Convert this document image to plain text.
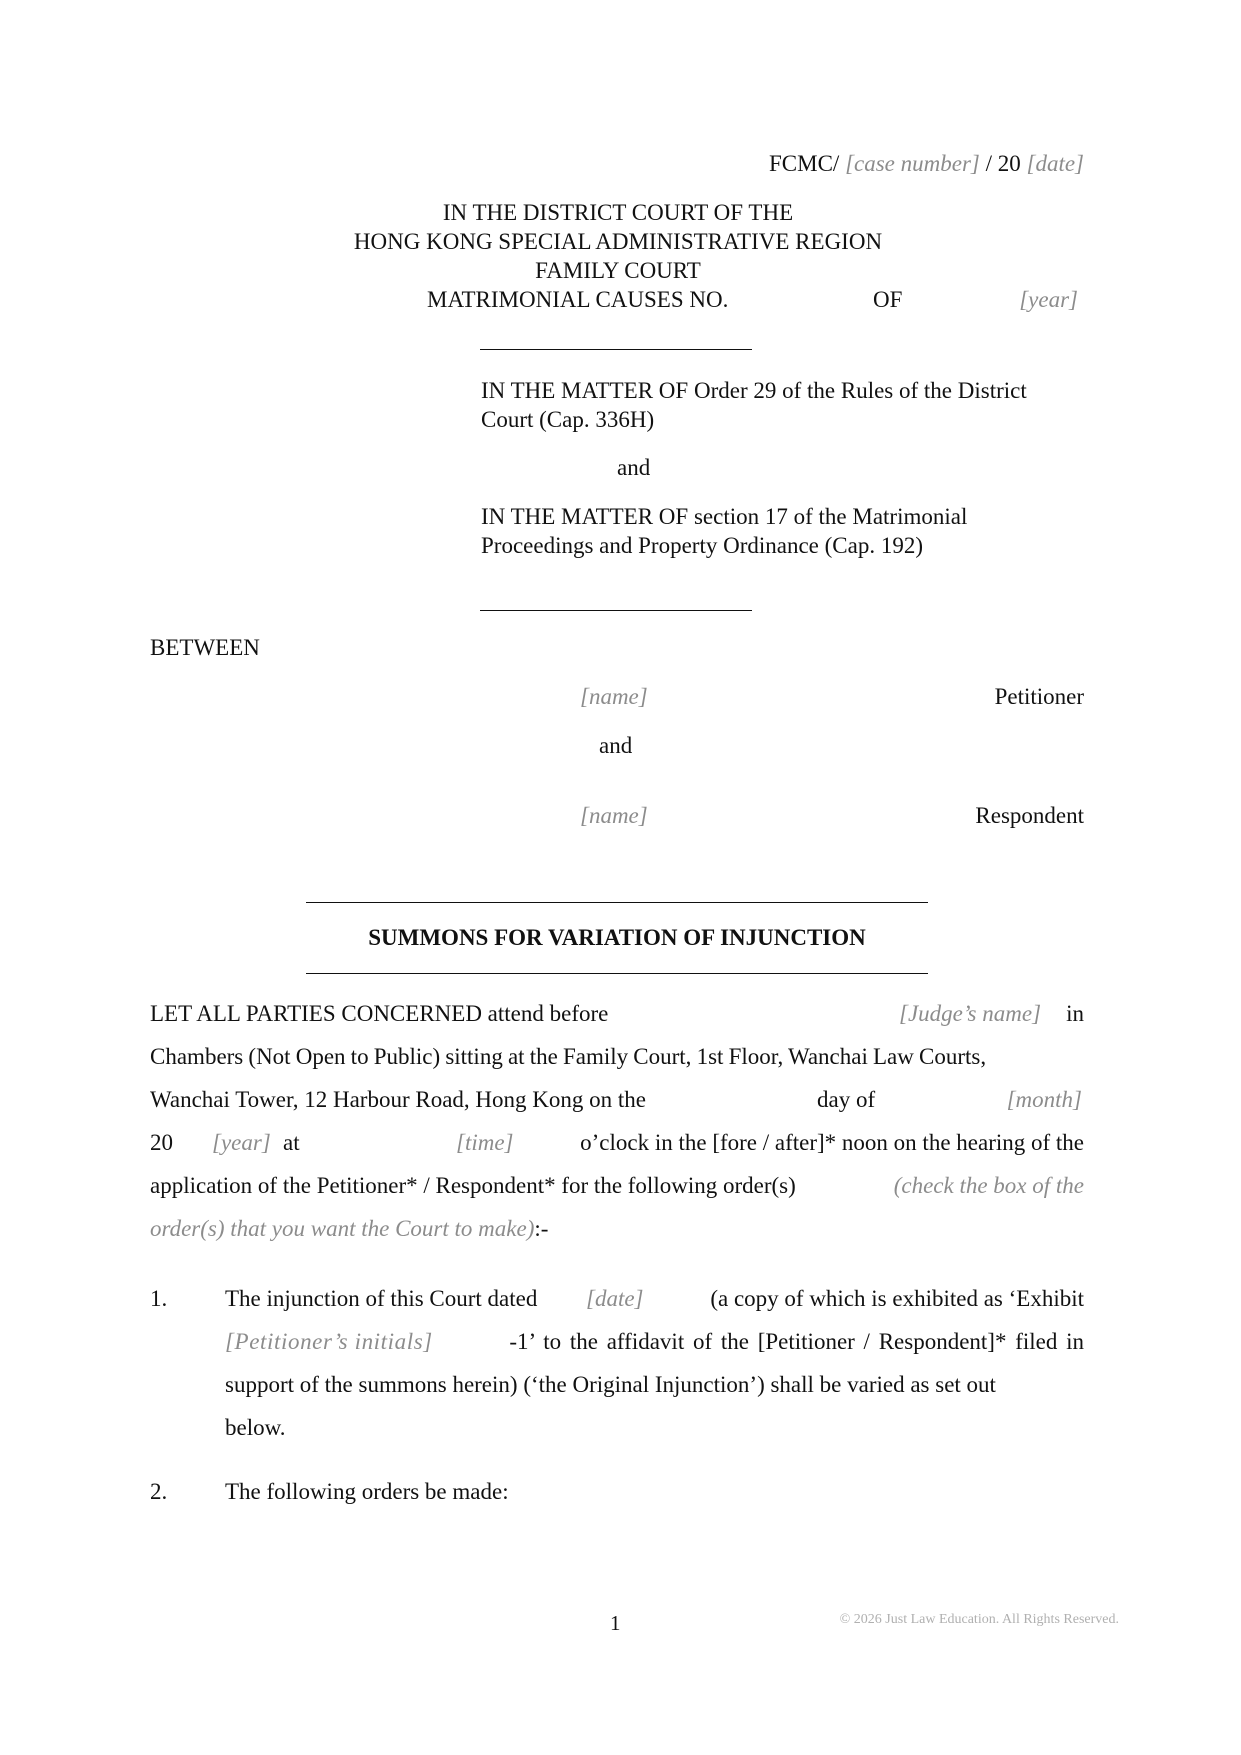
FCMC/ [case number] / 20 [date]
IN THE DISTRICT COURT OF THE
HONG KONG SPECIAL ADMINISTRATIVE REGION
FAMILY COURT
MATRIMONIAL CAUSES NO.	OF	[year]
IN THE MATTER OF Order 29 of the Rules of the District
Court (Cap. 336H)
and
IN THE MATTER OF section 17 of the Matrimonial
Proceedings and Property Ordinance (Cap. 192)
BETWEEN
[name]	Petitioner
and
[name]	Respondent
SUMMONS FOR VARIATION OF INJUNCTION
LET ALL PARTIES CONCERNED attend before	[Judge’s name] in
Chambers (Not Open to Public) sitting at the Family Court, 1st Floor, Wanchai Law Courts,
Wanchai Tower, 12 Harbour Road, Hong Kong on the	day of	[month]
20 [year] at	[time]	o’clock in the [fore / after]* noon on the hearing of the
application of the Petitioner* / Respondent* for the following order(s)	(check the box of the
order(s) that you want the Court to make):-
1.	The injunction of this Court dated [date]	(a copy of which is exhibited as ‘Exhibit
[Petitioner’s initials]	-1’ to the affidavit of the [Petitioner / Respondent]* filed in
support of the summons herein) (‘the Original Injunction’) shall be varied as set out
below.
2.	The following orders be made:
1	© 2026 Just Law Education. All Rights Reserved.
